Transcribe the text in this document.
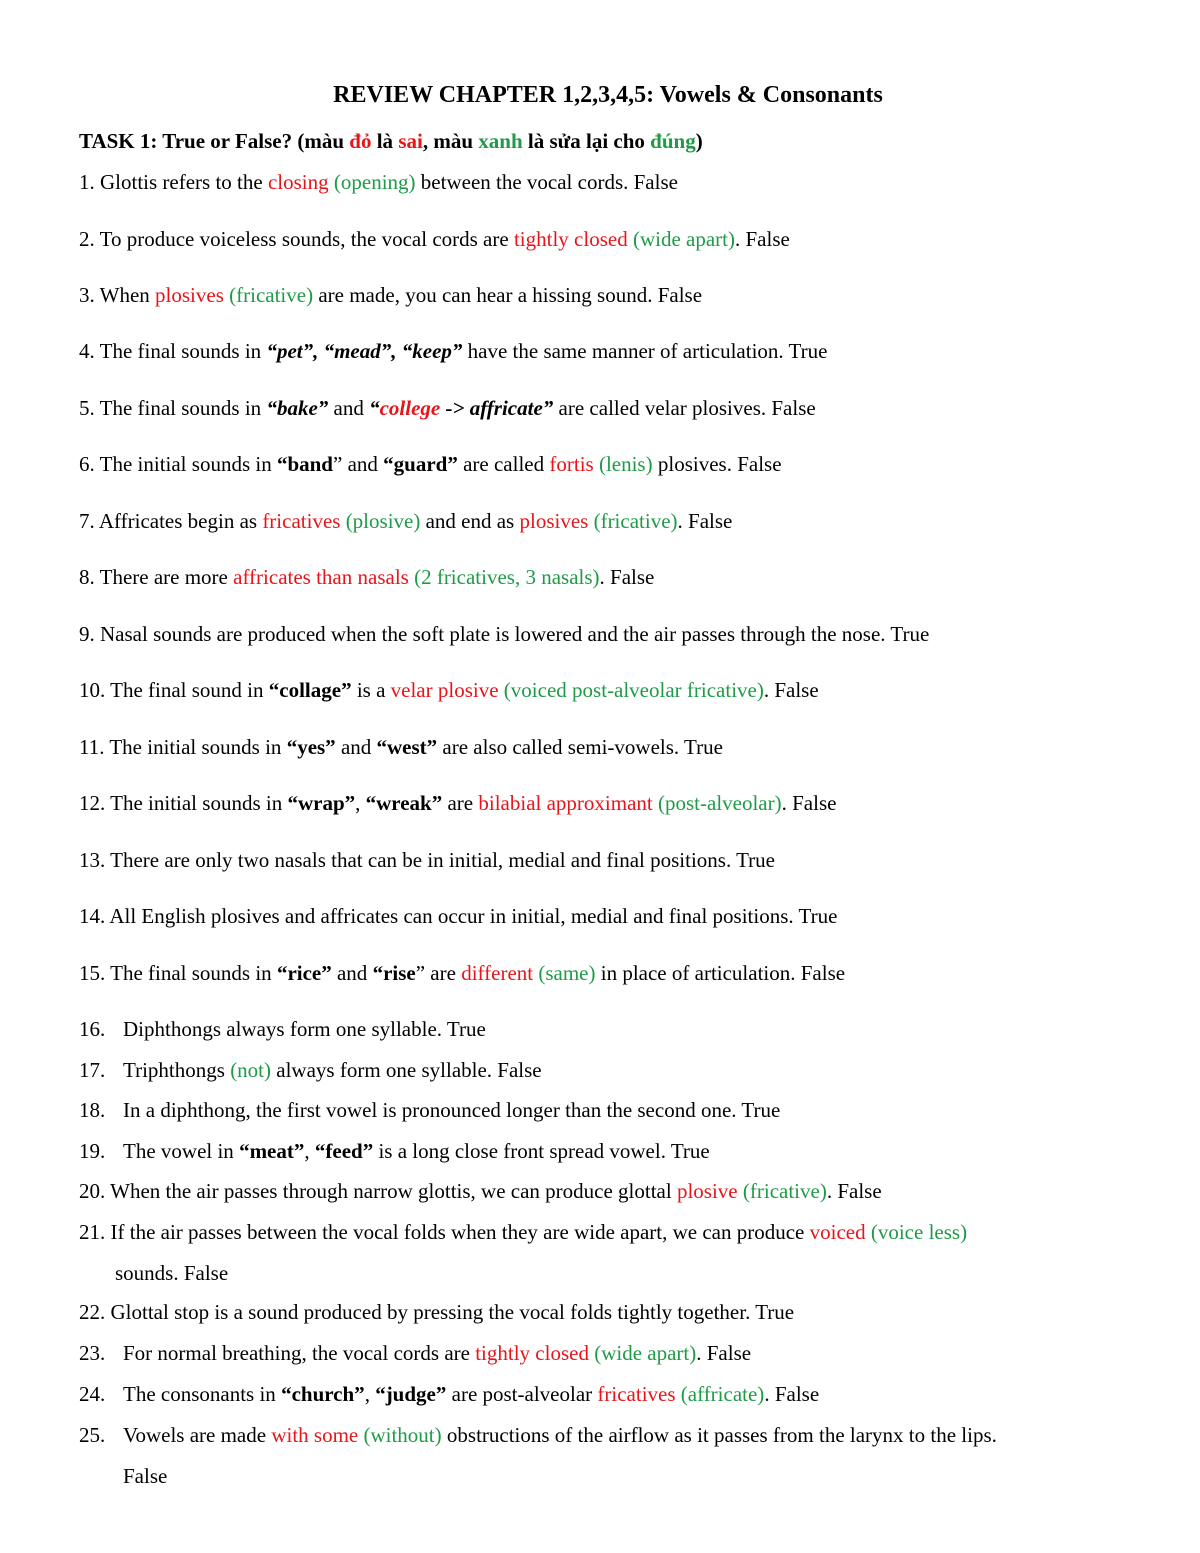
REVIEW CHAPTER 1,2,3,4,5: Vowels & Consonants

TASK 1: True or False? (màu đỏ là sai, màu xanh là sửa lại cho đúng)

1. Glottis refers to the closing (opening) between the vocal cords. False

2. To produce voiceless sounds, the vocal cords are tightly closed (wide apart). False

3. When plosives (fricative) are made, you can hear a hissing sound. False

4. The final sounds in “pet”, “mead”, “keep” have the same manner of articulation. True

5. The final sounds in “bake” and “college -> affricate” are called velar plosives. False

6. The initial sounds in “band” and “guard” are called fortis (lenis) plosives. False

7. Affricates begin as fricatives (plosive) and end as plosives (fricative). False

8. There are more affricates than nasals (2 fricatives, 3 nasals). False

9. Nasal sounds are produced when the soft plate is lowered and the air passes through the nose. True

10. The final sound in “collage” is a velar plosive (voiced post-alveolar fricative). False

11. The initial sounds in “yes” and “west” are also called semi-vowels. True

12. The initial sounds in “wrap”, “wreak” are bilabial approximant (post-alveolar). False

13. There are only two nasals that can be in initial, medial and final positions. True

14. All English plosives and affricates can occur in initial, medial and final positions. True

15. The final sounds in “rice” and “rise” are different (same) in place of articulation. False

16. Diphthongs always form one syllable. True

17. Triphthongs (not) always form one syllable. False

18. In a diphthong, the first vowel is pronounced longer than the second one. True

19. The vowel in “meat”, “feed” is a long close front spread vowel. True

20. When the air passes through narrow glottis, we can produce glottal plosive (fricative). False

21. If the air passes between the vocal folds when they are wide apart, we can produce voiced (voice less)
sounds. False

22. Glottal stop is a sound produced by pressing the vocal folds tightly together. True

23. For normal breathing, the vocal cords are tightly closed (wide apart). False

24. The consonants in “church”, “judge” are post-alveolar fricatives (affricate). False

25. Vowels are made with some (without) obstructions of the airflow as it passes from the larynx to the lips.
False
